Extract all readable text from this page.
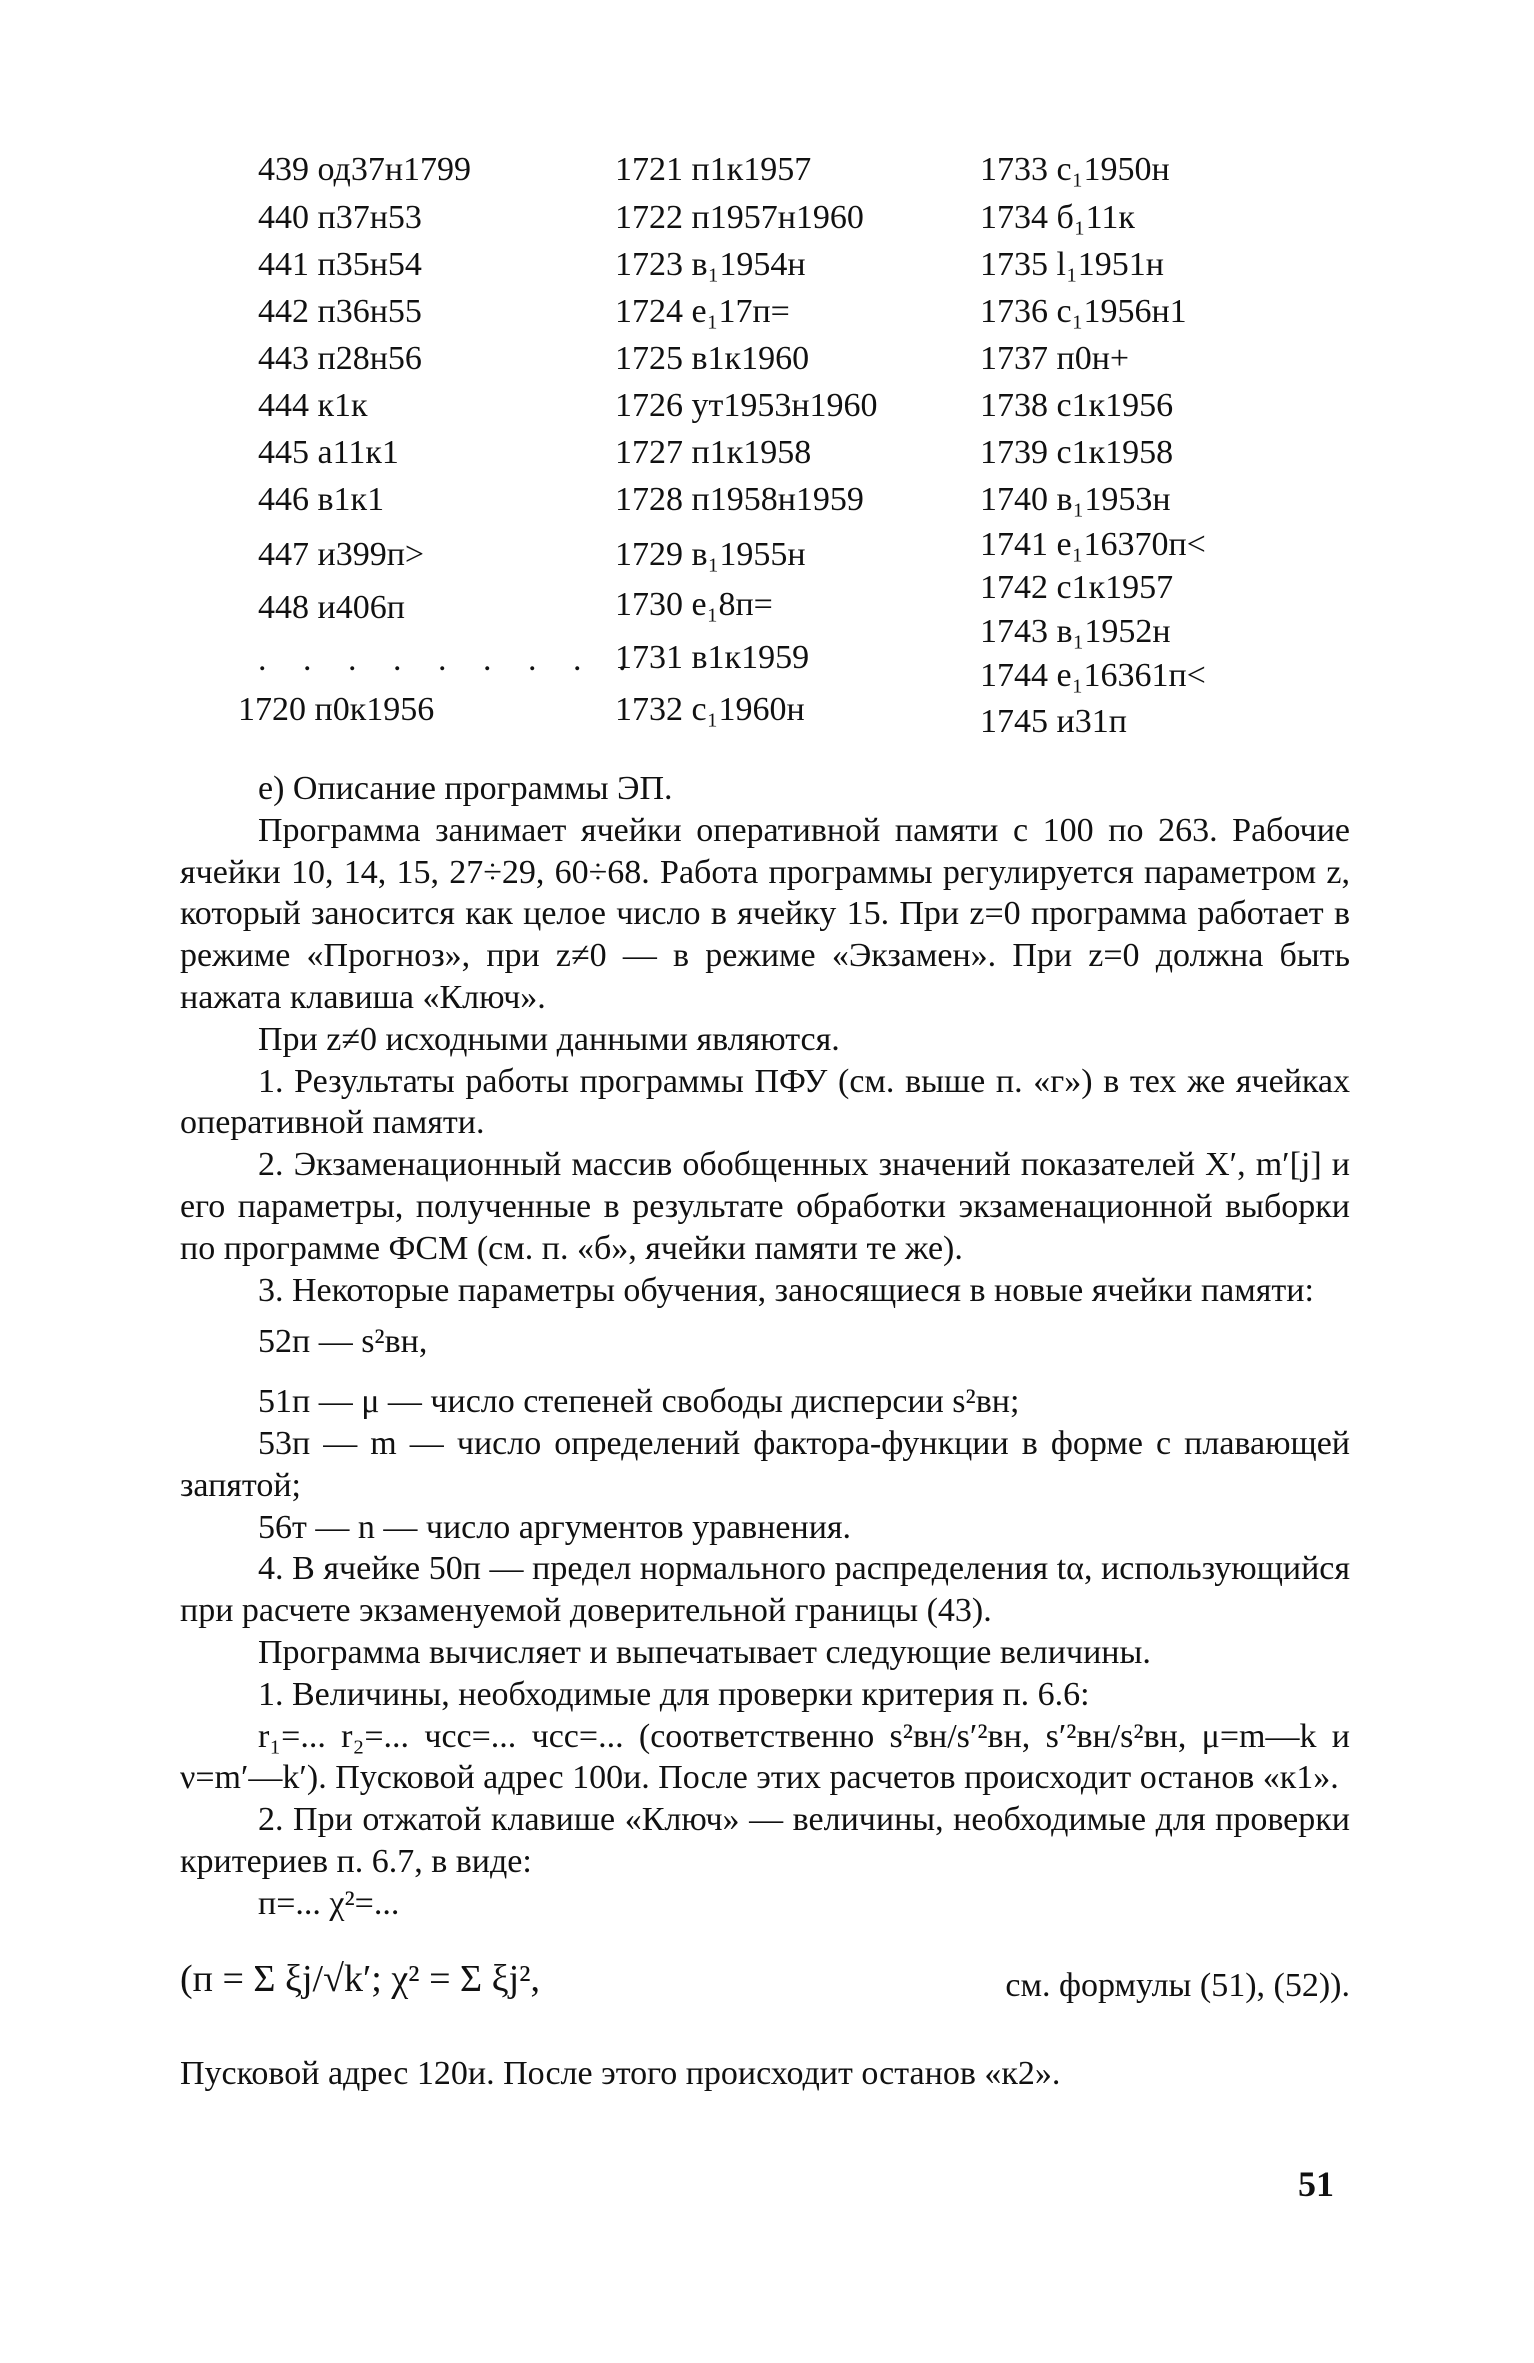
439 од37н1799
440 п37н53
441 п35н54
442 п36н55
443 п28н56
444 к1к
445 a11к1
446 в1к1
447 и399п>
448 и406п
. . . . . . . . .
1720 п0к1956
1721 п1к1957
1722 п1957н1960
1723 в₁1954н
1724 e₁17п=
1725 в1к1960
1726 ут1953н1960
1727 п1к1958
1728 п1958н1959
1729 в₁1955н
1730 e₁8п=
1731 в1к1959
1732 c₁1960н
1733 c₁1950н
1734 б₁11к
1735 l₁1951н
1736 c₁1956н1
1737 п0н+
1738 c1к1956
1739 c1к1958
1740 в₁1953н
1741 e₁16370п<
1742 c1к1957
1743 в₁1952н
1744 e₁16361п<
1745 и31п

е) Описание программы ЭП.

Программа занимает ячейки оперативной памяти с 100 по 263. Рабочие ячейки 10, 14, 15, 27÷29, 60÷68. Работа программы регулируется параметром z, который заносится как целое число в ячейку 15. При z=0 программа работает в режиме «Прогноз», при z≠0 — в режиме «Экзамен». При z=0 должна быть нажата клавиша «Ключ».

При z≠0 исходными данными являются.

1. Результаты работы программы ПФУ (см. выше п. «г») в тех же ячейках оперативной памяти.

2. Экзаменационный массив обобщенных значений показателей X′, m′[j] и его параметры, полученные в результате обработки экзаменационной выборки по программе ФСМ (см. п. «б», ячейки памяти те же).

3. Некоторые параметры обучения, заносящиеся в новые ячейки памяти:

52п — s²вн,

51п — μ — число степеней свободы дисперсии s²вн;

53п — m — число определений фактора-функции в форме с плавающей запятой;

56т — n — число аргументов уравнения.

4. В ячейке 50п — предел нормального распределения tα, использующийся при расчете экзаменуемой доверительной границы (43).

Программа вычисляет и выпечатывает следующие величины.

1. Величины, необходимые для проверки критерия п. 6.6:

r₁=... r₂=... чсс=... чсс=... (соответственно s²вн/s′²вн, s′²вн/s²вн, μ=m—k и ν=m′—k′). Пусковой адрес 100и. После этих расчетов происходит останов «к1».

2. При отжатой клавише «Ключ» — величины, необходимые для проверки критериев п. 6.7, в виде:

п=... χ²=...

(п = Σ ξj/√k′; χ² = Σ ξj²,	см. формулы (51), (52)).

Пусковой адрес 120и. После этого происходит останов «к2».

51
